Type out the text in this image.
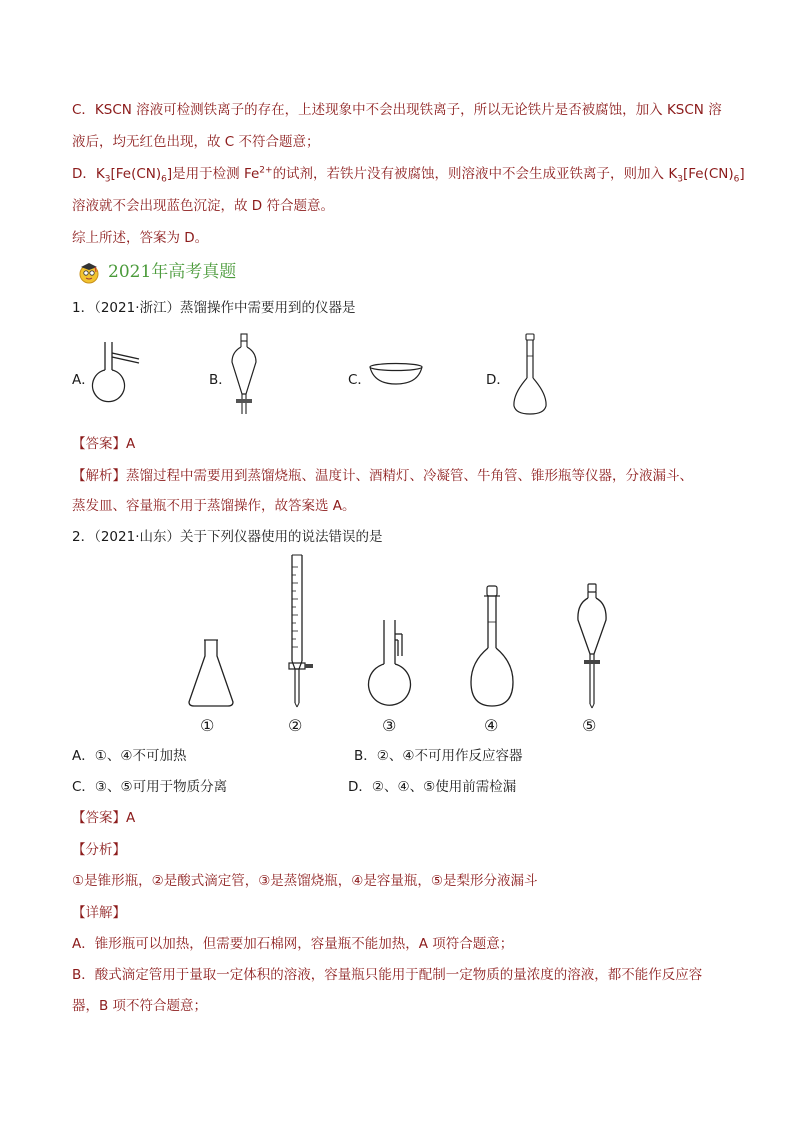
C．KSCN 溶液可检测铁离子的存在，上述现象中不会出现铁离子，所以无论铁片是否被腐蚀，加入 KSCN 溶
液后，均无红色出现，故 C 不符合题意；
D．$K_3[Fe(CN)_6]$是用于检测 $Fe^{2+}$的试剂，若铁片没有被腐蚀，则溶液中不会生成亚铁离子，则加入 $K_3[Fe(CN)_6]$
溶液就不会出现蓝色沉淀，故 D 符合题意。
综上所述，答案为 D。
2021年高考真题
1．（2021·浙江）蒸馏操作中需要用到的仪器是
A．	B．	C．	D．
【答案】A
【解析】蒸馏过程中需要用到蒸馏烧瓶、温度计、酒精灯、冷凝管、牛角管、锥形瓶等仪器，分液漏斗、
蒸发皿、容量瓶不用于蒸馏操作，故答案选 A。
2．（2021·山东）关于下列仪器使用的说法错误的是
①	②	③	④	⑤
A．①、④不可加热	B．②、④不可用作反应容器
C．③、⑤可用于物质分离	D．②、④、⑤使用前需检漏
【答案】A
【分析】
①是锥形瓶，②是酸式滴定管，③是蒸馏烧瓶，④是容量瓶，⑤是梨形分液漏斗
【详解】
A．锥形瓶可以加热，但需要加石棉网，容量瓶不能加热，A 项符合题意；
B．酸式滴定管用于量取一定体积的溶液，容量瓶只能用于配制一定物质的量浓度的溶液，都不能作反应容
器，B 项不符合题意；
